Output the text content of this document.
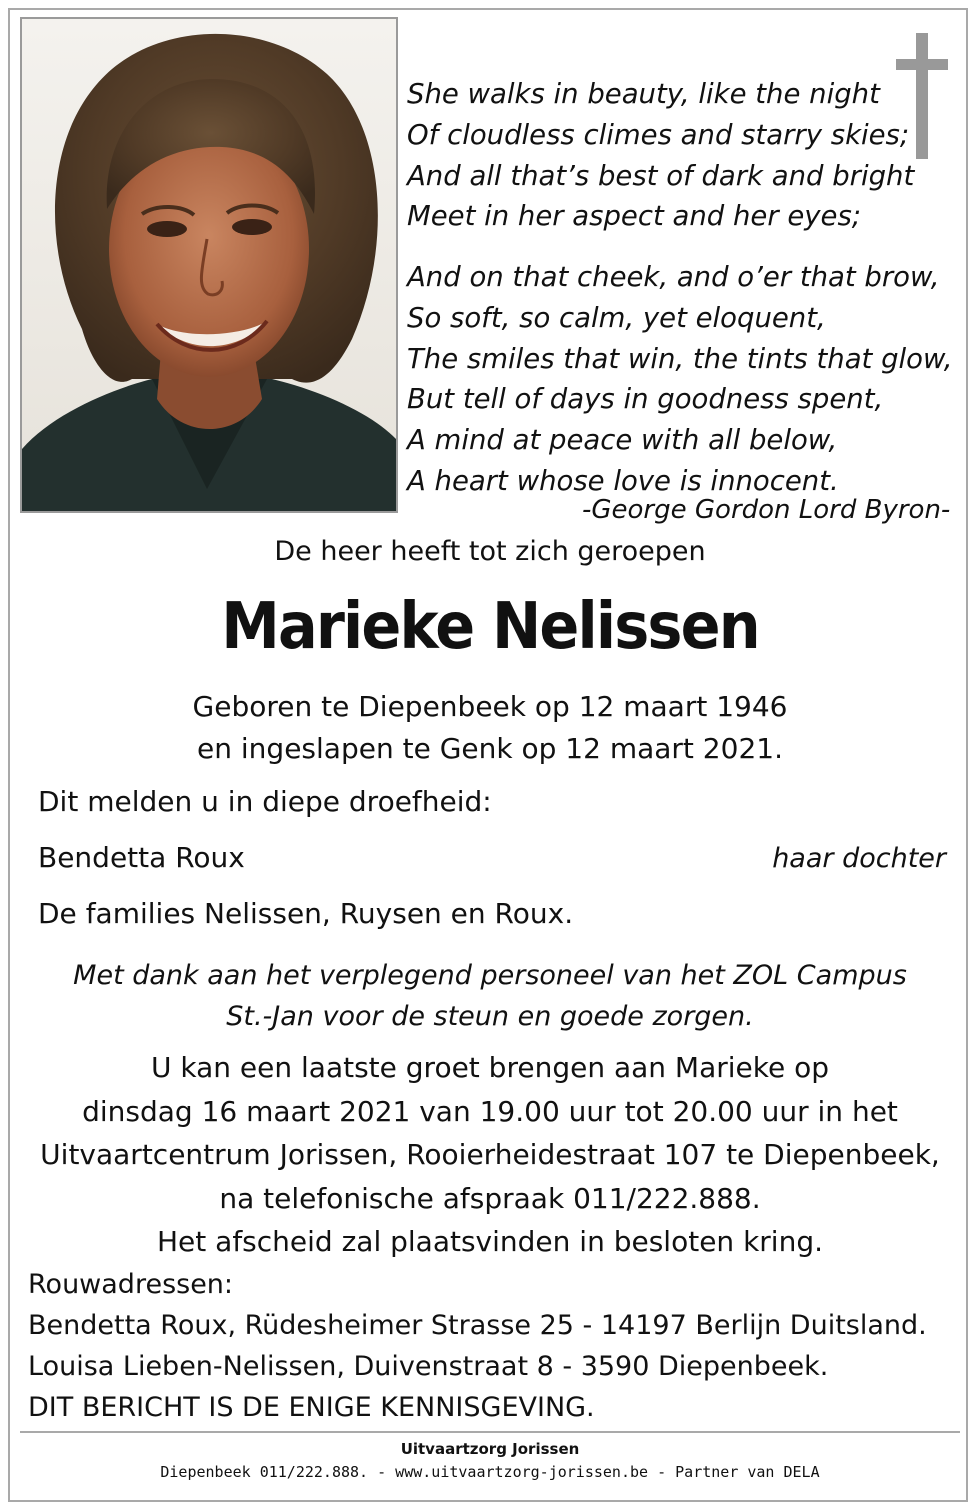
She walks in beauty, like the night
Of cloudless climes and starry skies;
And all that’s best of dark and bright
Meet in her aspect and her eyes;
And on that cheek, and o’er that brow,
So soft, so calm, yet eloquent,
The smiles that win, the tints that glow,
But tell of days in goodness spent,
A mind at peace with all below,
A heart whose love is innocent.
-George Gordon Lord Byron-
De heer heeft tot zich geroepen
Marieke Nelissen
Geboren te Diepenbeek op 12 maart 1946
en ingeslapen te Genk op 12 maart 2021.
Dit melden u in diepe droefheid:
Bendetta Roux	haar dochter
De families Nelissen, Ruysen en Roux.
Met dank aan het verplegend personeel van het ZOL Campus
St.-Jan voor de steun en goede zorgen.
U kan een laatste groet brengen aan Marieke op
dinsdag 16 maart 2021 van 19.00 uur tot 20.00 uur in het
Uitvaartcentrum Jorissen, Rooierheidestraat 107 te Diepenbeek,
na telefonische afspraak 011/222.888.
Het afscheid zal plaatsvinden in besloten kring.
Rouwadressen:
Bendetta Roux, Rüdesheimer Strasse 25 - 14197 Berlijn Duitsland.
Louisa Lieben-Nelissen, Duivenstraat 8 - 3590 Diepenbeek.
DIT BERICHT IS DE ENIGE KENNISGEVING.
Uitvaartzorg Jorissen
Diepenbeek 011/222.888. - www.uitvaartzorg-jorissen.be - Partner van DELA
